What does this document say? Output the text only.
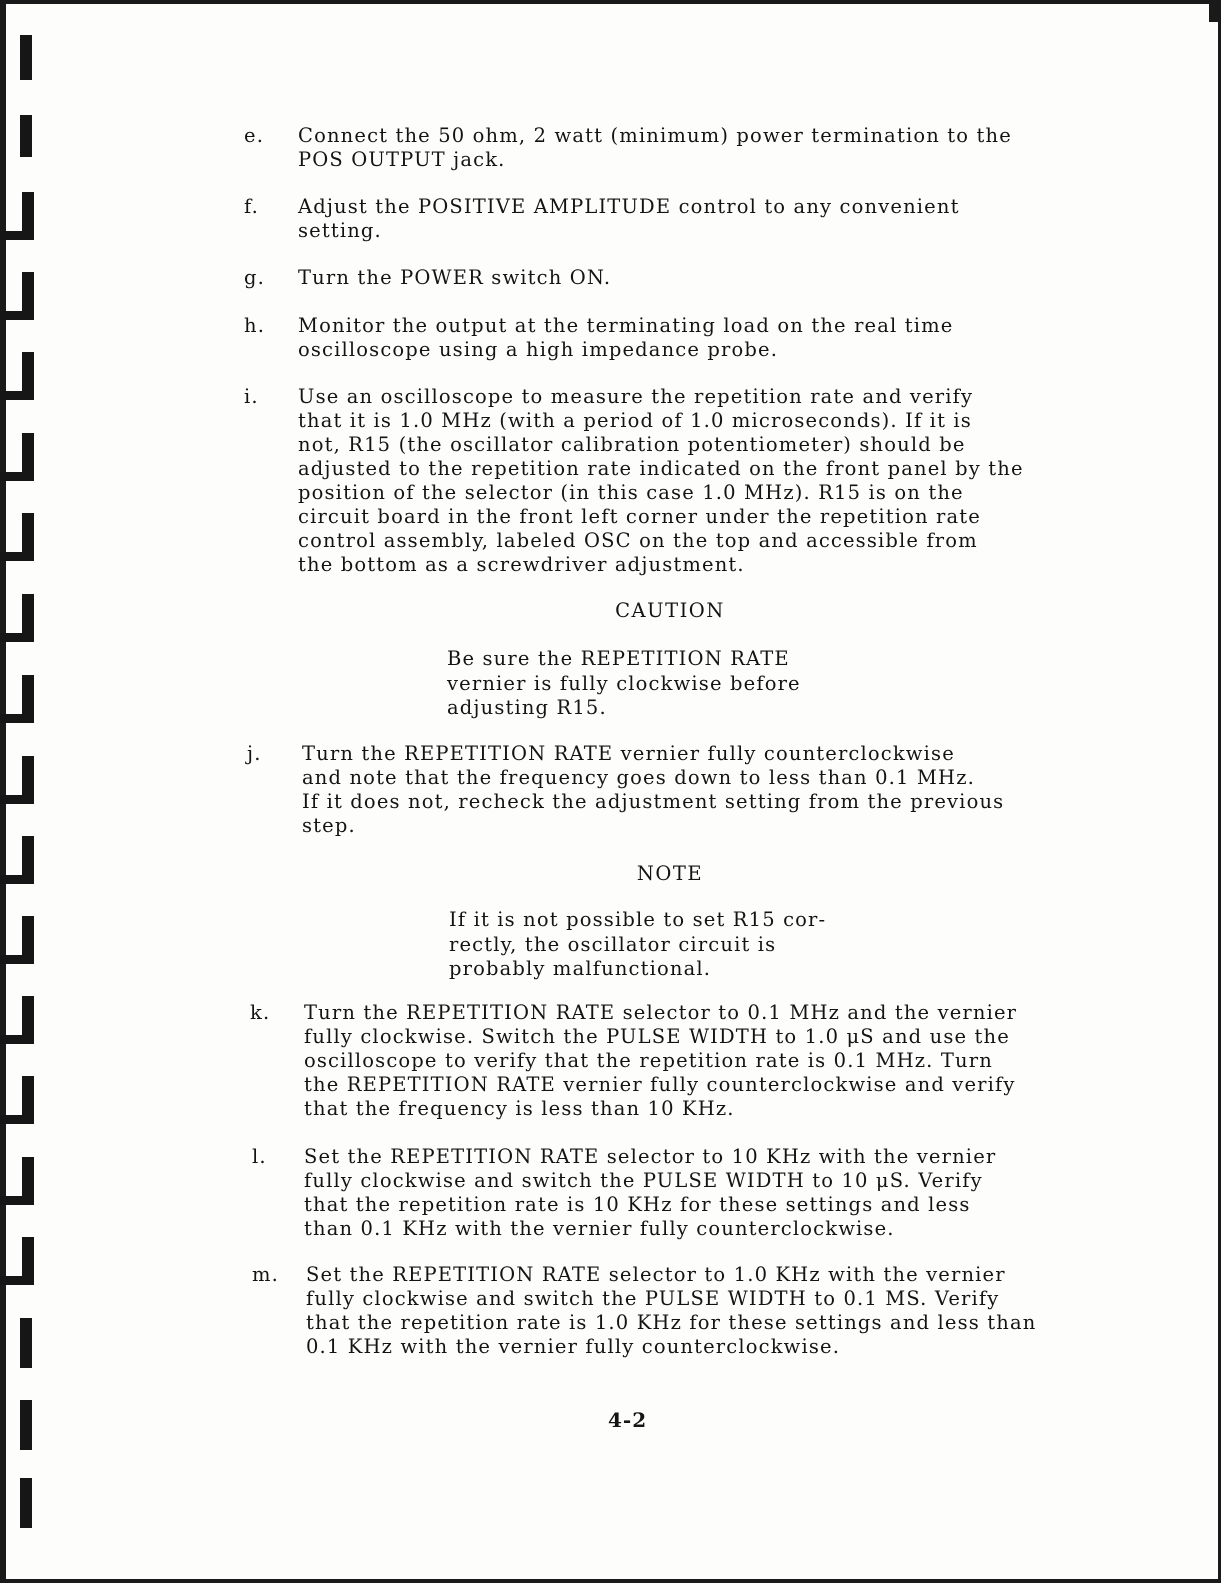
e. Connect the 50 ohm, 2 watt (minimum) power termination to the
POS OUTPUT jack.
f. Adjust the POSITIVE AMPLITUDE control to any convenient
setting.
g. Turn the POWER switch ON.
h. Monitor the output at the terminating load on the real time
oscilloscope using a high impedance probe.
i. Use an oscilloscope to measure the repetition rate and verify
that it is 1.0 MHz (with a period of 1.0 microseconds). If it is
not, R15 (the oscillator calibration potentiometer) should be
adjusted to the repetition rate indicated on the front panel by the
position of the selector (in this case 1.0 MHz). R15 is on the
circuit board in the front left corner under the repetition rate
control assembly, labeled OSC on the top and accessible from
the bottom as a screwdriver adjustment.
CAUTION
Be sure the REPETITION RATE
vernier is fully clockwise before
adjusting R15.
j. Turn the REPETITION RATE vernier fully counterclockwise
and note that the frequency goes down to less than 0.1 MHz.
If it does not, recheck the adjustment setting from the previous
step.
NOTE
If it is not possible to set R15 cor-
rectly, the oscillator circuit is
probably malfunctional.
k. Turn the REPETITION RATE selector to 0.1 MHz and the vernier
fully clockwise. Switch the PULSE WIDTH to 1.0 μS and use the
oscilloscope to verify that the repetition rate is 0.1 MHz. Turn
the REPETITION RATE vernier fully counterclockwise and verify
that the frequency is less than 10 KHz.
l. Set the REPETITION RATE selector to 10 KHz with the vernier
fully clockwise and switch the PULSE WIDTH to 10 μS. Verify
that the repetition rate is 10 KHz for these settings and less
than 0.1 KHz with the vernier fully counterclockwise.
m. Set the REPETITION RATE selector to 1.0 KHz with the vernier
fully clockwise and switch the PULSE WIDTH to 0.1 MS. Verify
that the repetition rate is 1.0 KHz for these settings and less than
0.1 KHz with the vernier fully counterclockwise.
4-2
